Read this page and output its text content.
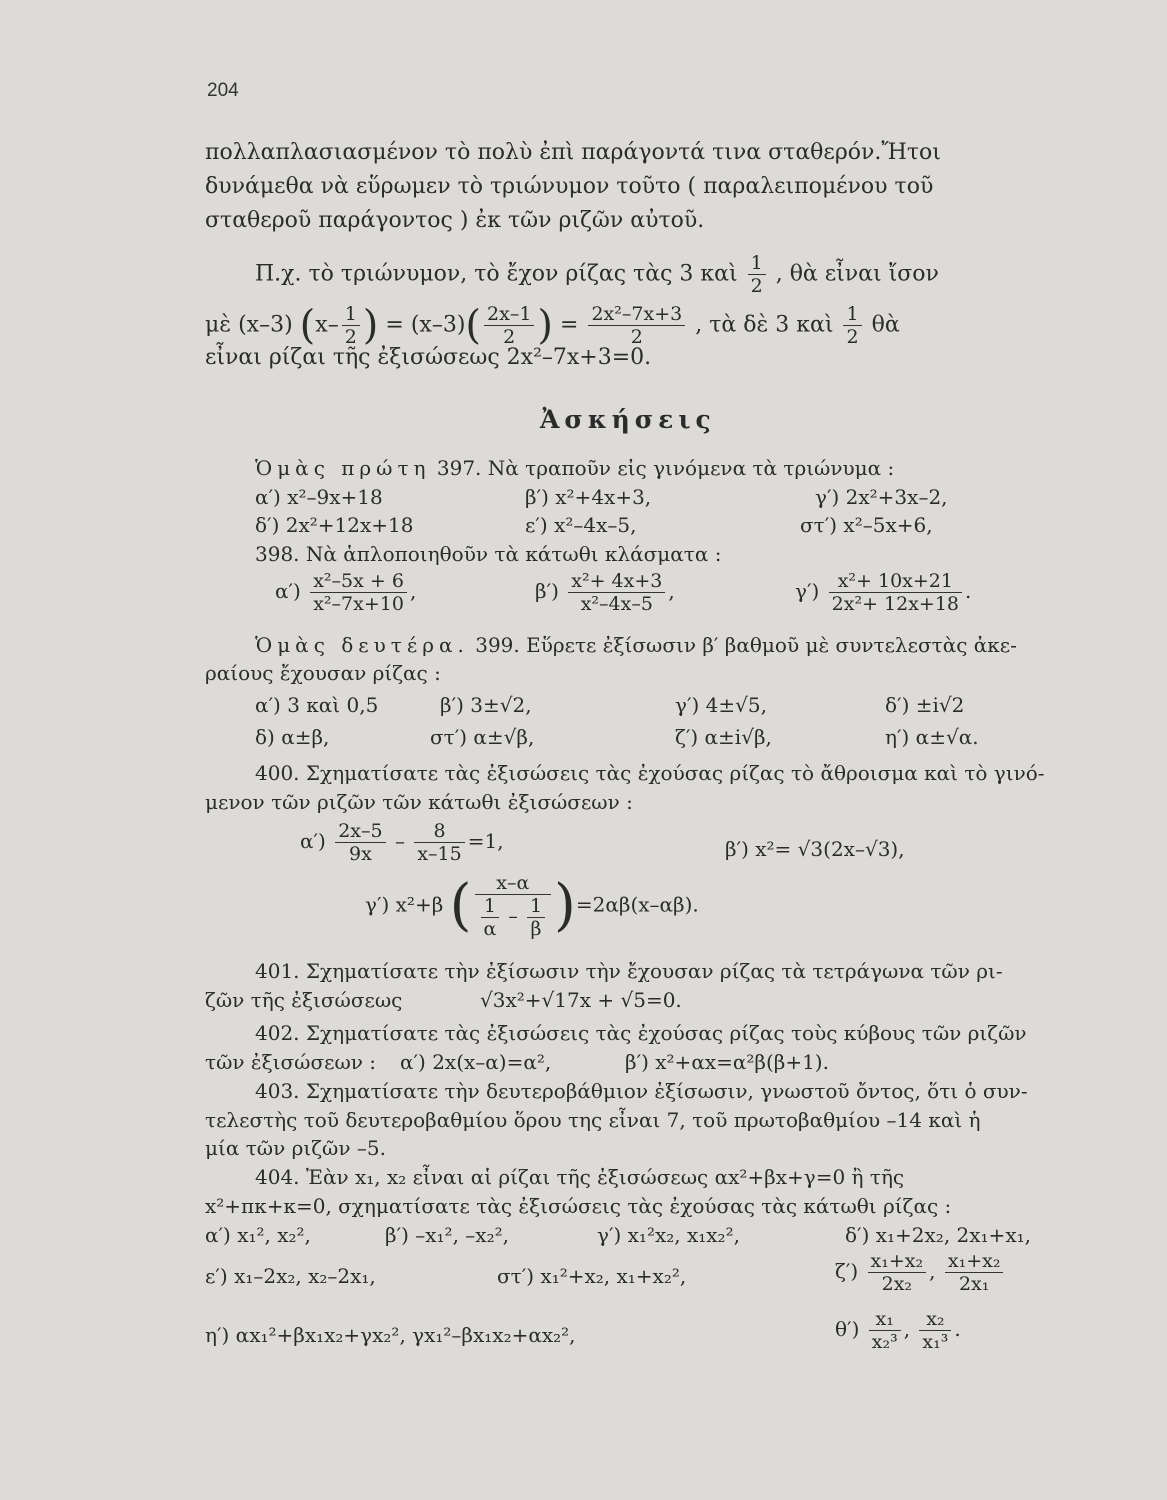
204
πολλαπλασιασμένον τὸ πολὺ ἐπὶ παράγοντά τινα σταθερόν.Ἤτοι
δυνάμεθα νὰ εὕρωμεν τὸ τριώνυμον τοῦτο ( παραλειπομένου τοῦ
σταθεροῦ παράγοντος ) ἐκ τῶν ριζῶν αὐτοῦ.
Π.χ. τὸ τριώνυμον, τὸ ἔχον ρίζας τὰς 3 καὶ $\frac{1}{2}$ , θὰ εἶναι ἴσον
μὲ (x–3) ($x- \frac{1}{2}$ ) = $(x-3)( \frac{2x-1}{2}$ ) = $\frac{\text{2x²–7x+3}}{2}$ , τὰ δὲ 3 καὶ $\frac{1}{2}$ θὰ
εἶναι ρίζαι τῆς ἐξισώσεως 2x²–7x+3=0.
Ἀσκήσεις
Ὁμὰς πρώτη 397. Νὰ τραποῦν εἰς γινόμενα τὰ τριώνυμα :
α′) x²–9x+18	β′) x²+4x+3,	γ′) 2x²+3x–2,
δ′) 2x²+12x+18	ε′) x²–4x–5,	στ′) x²–5x+6,
398. Νὰ ἁπλοποιηθοῦν τὰ κάτωθι κλάσματα :
$\alpha') \frac{\text{x²–5x + 6}}{\text{x²–7x+10}}$ ,	$\beta') \frac{\text{x²+ 4x+3}}{\text{x²–4x–5}}$ ,	$\gamma') \frac{\text{x²+ 10x+21}}{\text{2x²+ 12x+18}}$ .
Ὁμὰς δευτέρα. 399. Εὕρετε ἐξίσωσιν β′ βαθμοῦ μὲ συντελεστὰς ἀκε-
ραίους ἔχουσαν ρίζας :
α′) 3 καὶ 0,5	β′) 3±√2,	γ′) 4±√5,	δ′) ±i√2
δ) α±β,	στ′) α±√β,	ζ′) α±i√β,	η′) α±√α.
400. Σχηματίσατε τὰς ἐξισώσεις τὰς ἐχούσας ρίζας τὸ ἄθροισμα καὶ τὸ γινό-
μενον τῶν ριζῶν τῶν κάτωθι ἐξισώσεων :
$\alpha') \frac{2x-5}{9x} - \frac{8}{x-15} =1$,	β′) x²= √3(2x–√3),
γ′) x²+β ( $\frac{x-\alpha}{\frac{1}{\alpha} - \frac{1}{\beta}} )=2\alpha\beta(x-\alpha\beta)$.
401. Σχηματίσατε τὴν ἐξίσωσιν τὴν ἔχουσαν ρίζας τὰ τετράγωνα τῶν ρι-
ζῶν τῆς ἐξισώσεως	√3x²+√17x + √5=0.
402. Σχηματίσατε τὰς ἐξισώσεις τὰς ἐχούσας ρίζας τοὺς κύβους τῶν ριζῶν
τῶν ἐξισώσεων : α′) 2x(x–α)=α²,	β′) x²+αx=α²β(β+1).
403. Σχηματίσατε τὴν δευτεροβάθμιον ἐξίσωσιν, γνωστοῦ ὄντος, ὅτι ὁ συν-
τελεστὴς τοῦ δευτεροβαθμίου ὅρου της εἶναι 7, τοῦ πρωτοβαθμίου –14 καὶ ἡ
μία τῶν ριζῶν –5.
404. Ἐὰν x₁, x₂ εἶναι αἱ ρίζαι τῆς ἐξισώσεως αx²+βx+γ=0 ἢ τῆς
x²+πκ+κ=0, σχηματίσατε τὰς ἐξισώσεις τὰς ἐχούσας τὰς κάτωθι ρίζας :
α′) x₁², x₂²,	β′) –x₁², –x₂²,	γ′) x₁²x₂, x₁x₂²,	δ′) x₁+2x₂, 2x₁+x₁,
ε′) x₁–2x₂, x₂–2x₁,	στ′) x₁²+x₂, x₁+x₂²,	$\zeta') \frac{\text{x₁+x₂}}{\text{2x₂}}$ , $\frac{\text{x₁+x₂}}{\text{2x₁}}$
η′) αx₁²+βx₁x₂+γx₂², γx₁²–βx₁x₂+αx₂²,	$\theta') \frac{\text{x₁}}{\text{x₂³}}$ , $\frac{\text{x₂}}{\text{x₁³}}$ .
